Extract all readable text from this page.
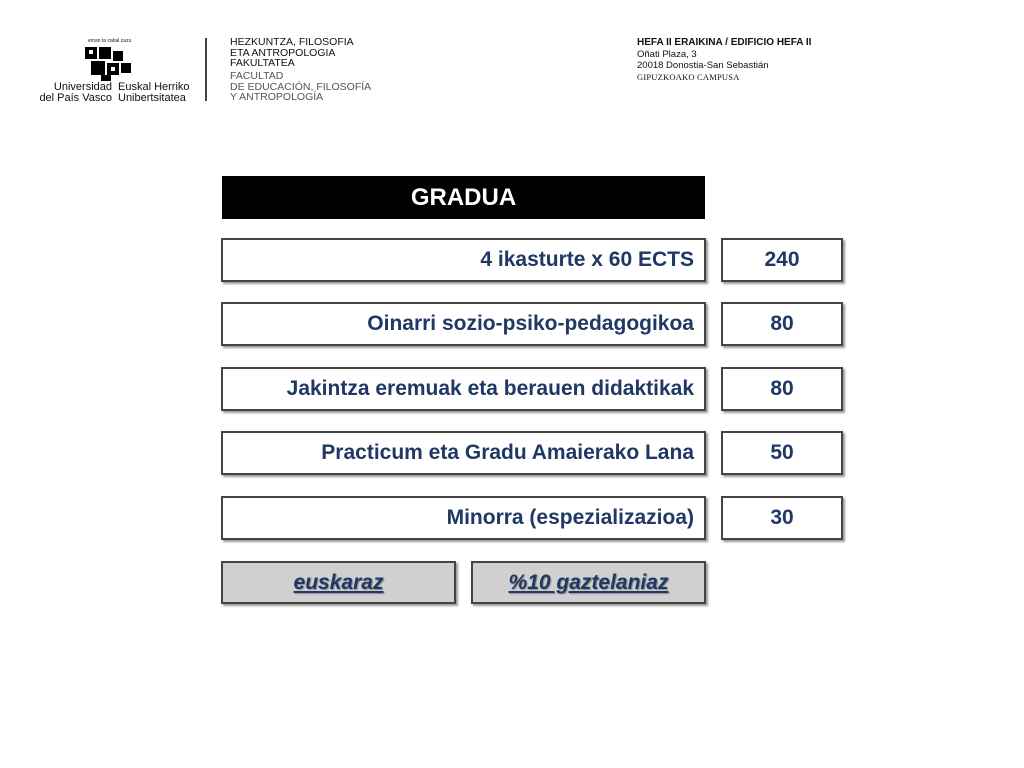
eman ta zabal zazu
Universidad
del País Vasco
Euskal Herriko
Unibertsitatea
HEZKUNTZA, FILOSOFIA
ETA ANTROPOLOGIA
FAKULTATEA
FACULTAD
DE EDUCACIÓN, FILOSOFÍA
Y ANTROPOLOGÍA
HEFA II ERAIKINA / EDIFICIO HEFA II
Oñati Plaza, 3
20018 Donostia-San Sebastián
GIPUZKOAKO CAMPUSA
GRADUA
4 ikasturte x 60 ECTS	240
Oinarri sozio-psiko-pedagogikoa	80
Jakintza eremuak eta berauen didaktikak	80
Practicum eta Gradu Amaierako Lana	50
Minorra (espezializazioa)	30
euskaraz	%10 gaztelaniaz
